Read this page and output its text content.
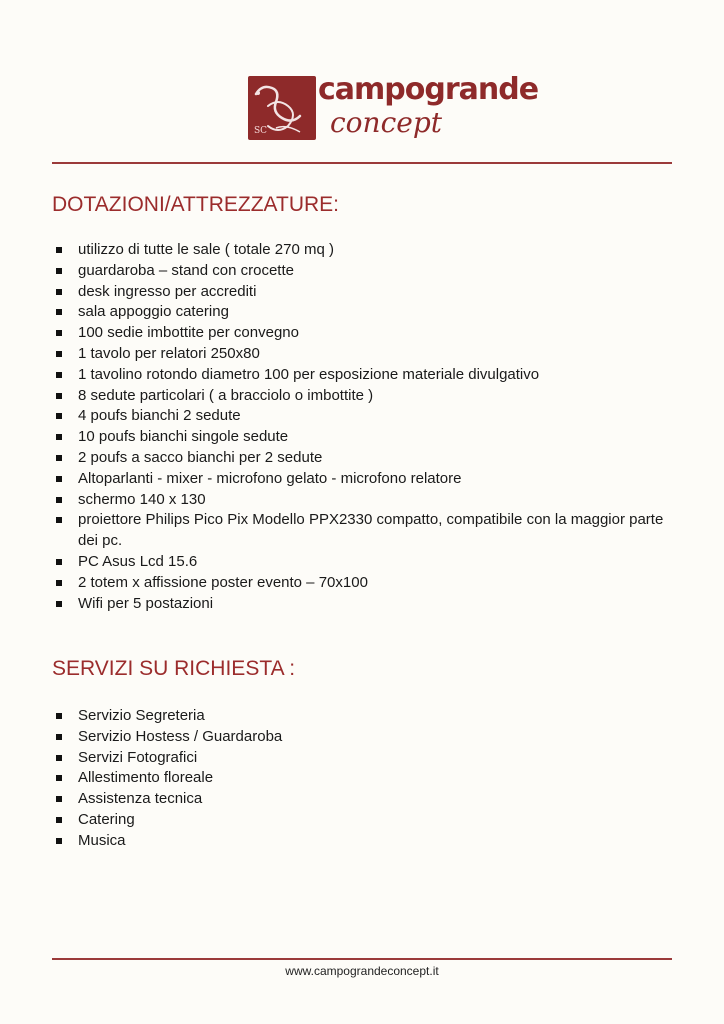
SC
campogrande
concept
DOTAZIONI/ATTREZZATURE:
utilizzo di tutte le sale ( totale 270 mq )
guardaroba – stand con crocette
desk ingresso per accrediti
sala appoggio catering
100 sedie imbottite per convegno
1 tavolo per relatori 250x80
1 tavolino rotondo diametro 100 per esposizione materiale divulgativo
8 sedute particolari ( a bracciolo o imbottite )
4 poufs bianchi 2 sedute
10 poufs bianchi singole sedute
2 poufs a sacco bianchi per 2 sedute
Altoparlanti - mixer - microfono gelato - microfono relatore
schermo 140 x 130
proiettore Philips Pico Pix Modello PPX2330 compatto, compatibile con la maggior parte dei pc.
PC Asus Lcd 15.6
2 totem x affissione poster evento – 70x100
Wifi per 5 postazioni
SERVIZI SU RICHIESTA :
Servizio Segreteria
Servizio Hostess / Guardaroba
Servizi Fotografici
Allestimento floreale
Assistenza tecnica
Catering
Musica
www.campograndeconcept.it
